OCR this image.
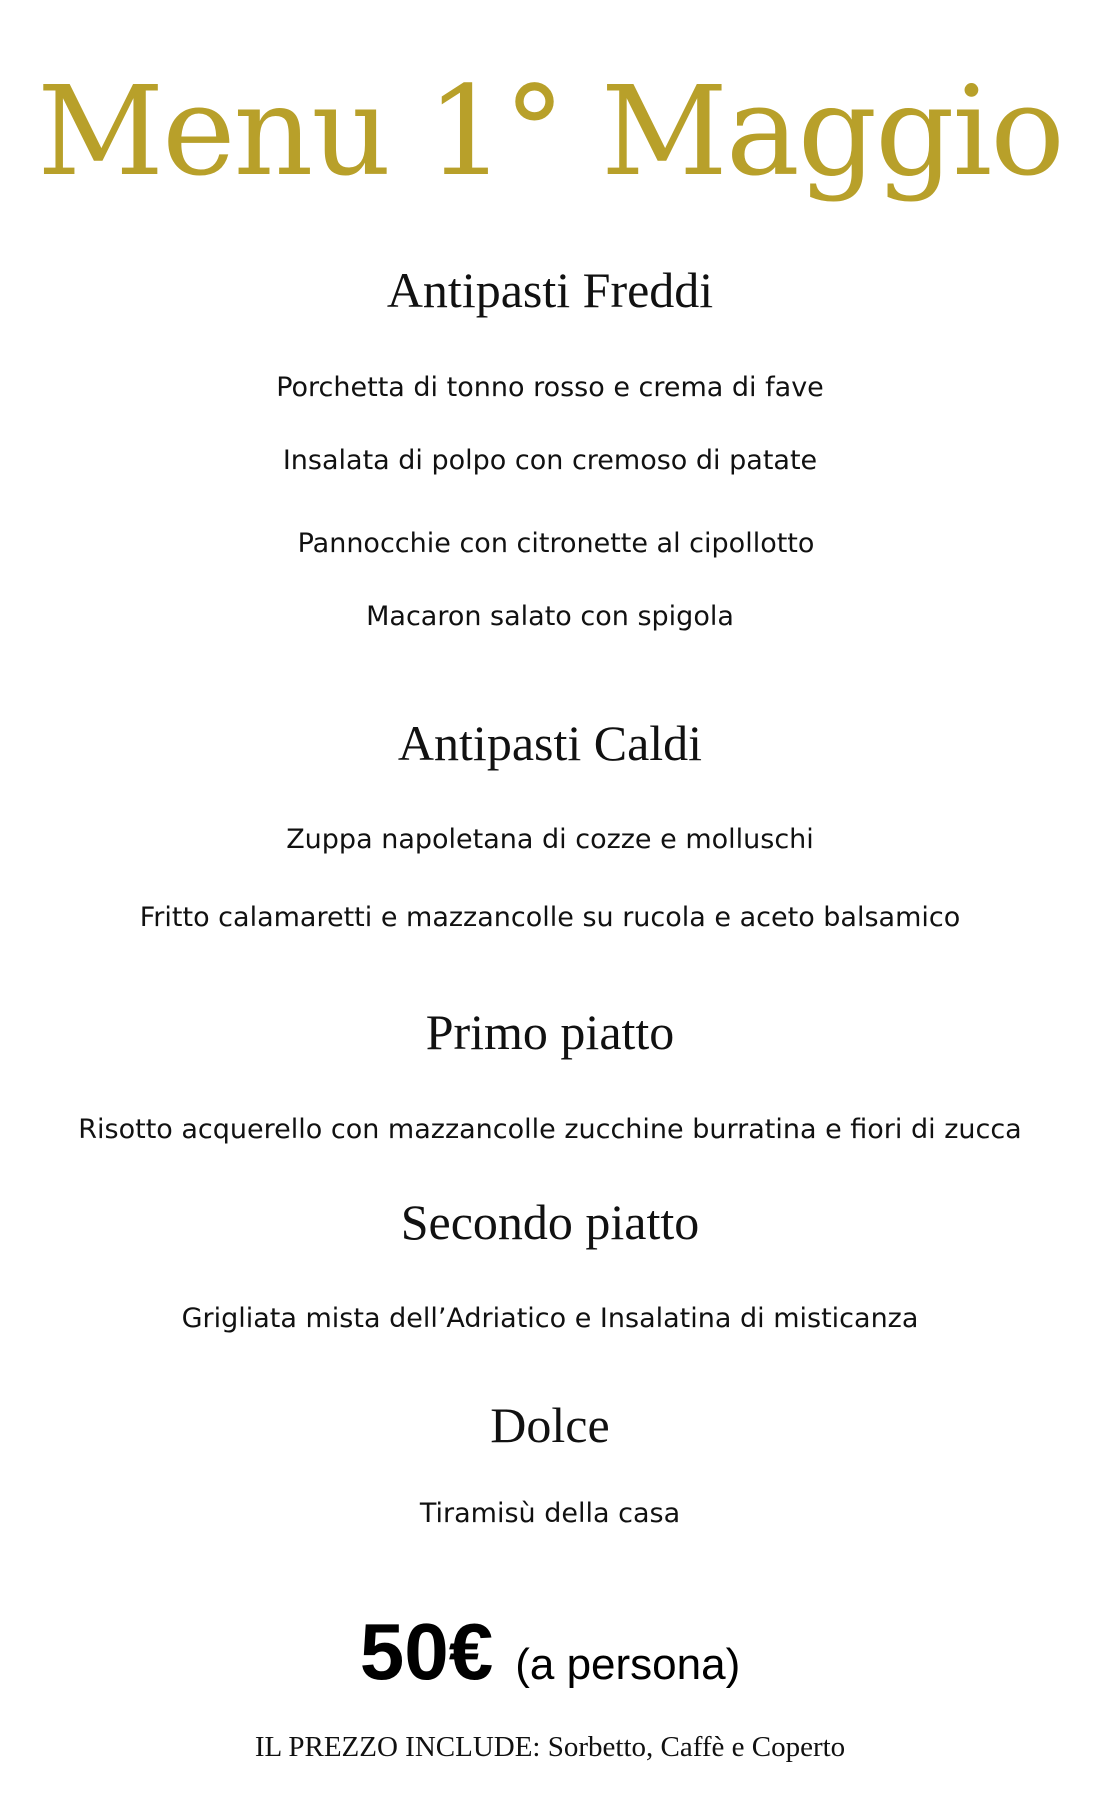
Menu 1° Maggio
Antipasti Freddi
Porchetta di tonno rosso e crema di fave
Insalata di polpo con cremoso di patate
Pannocchie con citronette al cipollotto
Macaron salato con spigola
Antipasti Caldi
Zuppa napoletana di cozze e molluschi
Fritto calamaretti e mazzancolle su rucola e aceto balsamico
Primo piatto
Risotto acquerello con mazzancolle zucchine burratina e fiori di zucca
Secondo piatto
Grigliata mista dell’Adriatico e Insalatina di misticanza
Dolce
Tiramisù della casa
50€ (a persona)
IL PREZZO INCLUDE: Sorbetto, Caffè e Coperto
